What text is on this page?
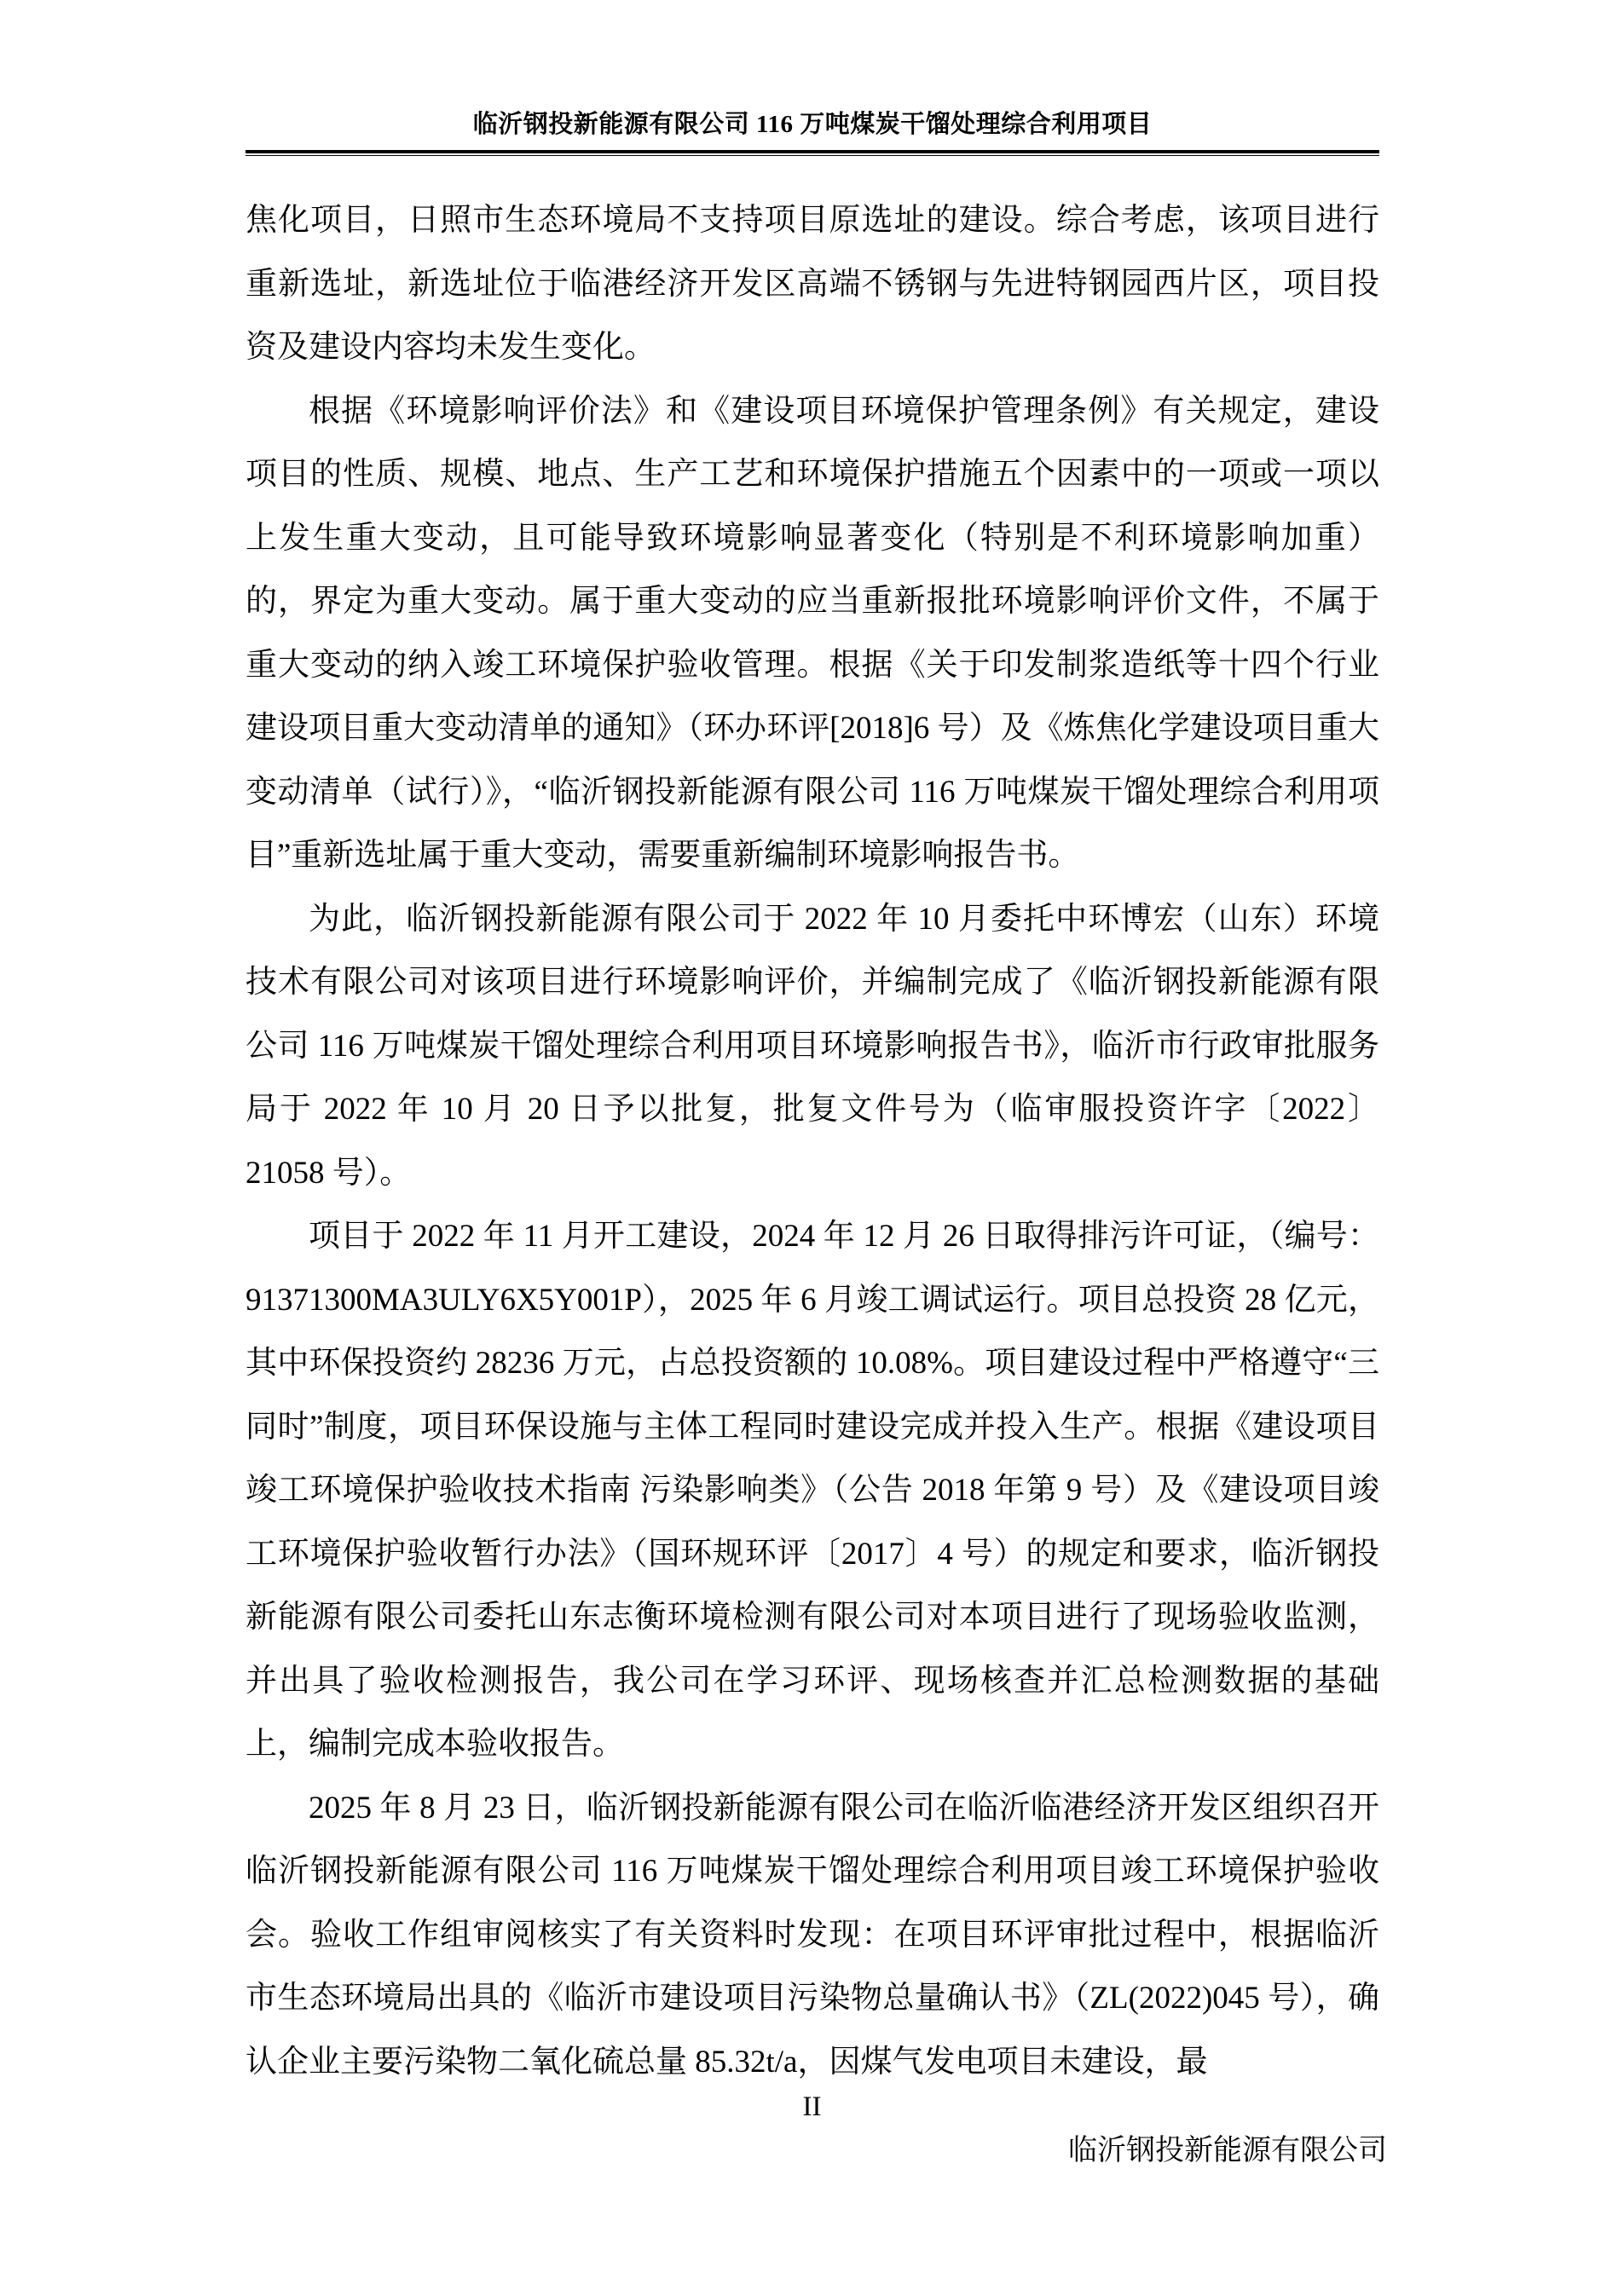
临沂钢投新能源有限公司 116 万吨煤炭干馏处理综合利用项目

焦化项目，日照市生态环境局不支持项目原选址的建设。综合考虑，该项目进行重新选址，新选址位于临港经济开发区高端不锈钢与先进特钢园西片区，项目投资及建设内容均未发生变化。

根据《环境影响评价法》和《建设项目环境保护管理条例》有关规定，建设项目的性质、规模、地点、生产工艺和环境保护措施五个因素中的一项或一项以上发生重大变动，且可能导致环境影响显著变化（特别是不利环境影响加重）的，界定为重大变动。属于重大变动的应当重新报批环境影响评价文件，不属于重大变动的纳入竣工环境保护验收管理。根据《关于印发制浆造纸等十四个行业建设项目重大变动清单的通知》（环办环评[2018]6 号）及《炼焦化学建设项目重大变动清单（试行）》，“临沂钢投新能源有限公司 116 万吨煤炭干馏处理综合利用项目”重新选址属于重大变动，需要重新编制环境影响报告书。

为此，临沂钢投新能源有限公司于 2022 年 10 月委托中环博宏（山东）环境技术有限公司对该项目进行环境影响评价，并编制完成了《临沂钢投新能源有限公司 116 万吨煤炭干馏处理综合利用项目环境影响报告书》，临沂市行政审批服务局于 2022 年 10 月 20 日予以批复，批复文件号为（临审服投资许字〔2022〕21058 号）。

项目于 2022 年 11 月开工建设，2024 年 12 月 26 日取得排污许可证，（编号：91371300MA3ULY6X5Y001P），2025 年 6 月竣工调试运行。项目总投资 28 亿元，其中环保投资约 28236 万元，占总投资额的 10.08%。项目建设过程中严格遵守“三同时”制度，项目环保设施与主体工程同时建设完成并投入生产。根据《建设项目竣工环境保护验收技术指南 污染影响类》（公告 2018 年第 9 号）及《建设项目竣工环境保护验收暂行办法》（国环规环评〔2017〕4 号）的规定和要求，临沂钢投新能源有限公司委托山东志衡环境检测有限公司对本项目进行了现场验收监测，并出具了验收检测报告，我公司在学习环评、现场核查并汇总检测数据的基础上，编制完成本验收报告。

2025 年 8 月 23 日，临沂钢投新能源有限公司在临沂临港经济开发区组织召开临沂钢投新能源有限公司 116 万吨煤炭干馏处理综合利用项目竣工环境保护验收会。验收工作组审阅核实了有关资料时发现：在项目环评审批过程中，根据临沂市生态环境局出具的《临沂市建设项目污染物总量确认书》（ZL(2022)045 号），确认企业主要污染物二氧化硫总量 85.32t/a，因煤气发电项目未建设，最

II
临沂钢投新能源有限公司
